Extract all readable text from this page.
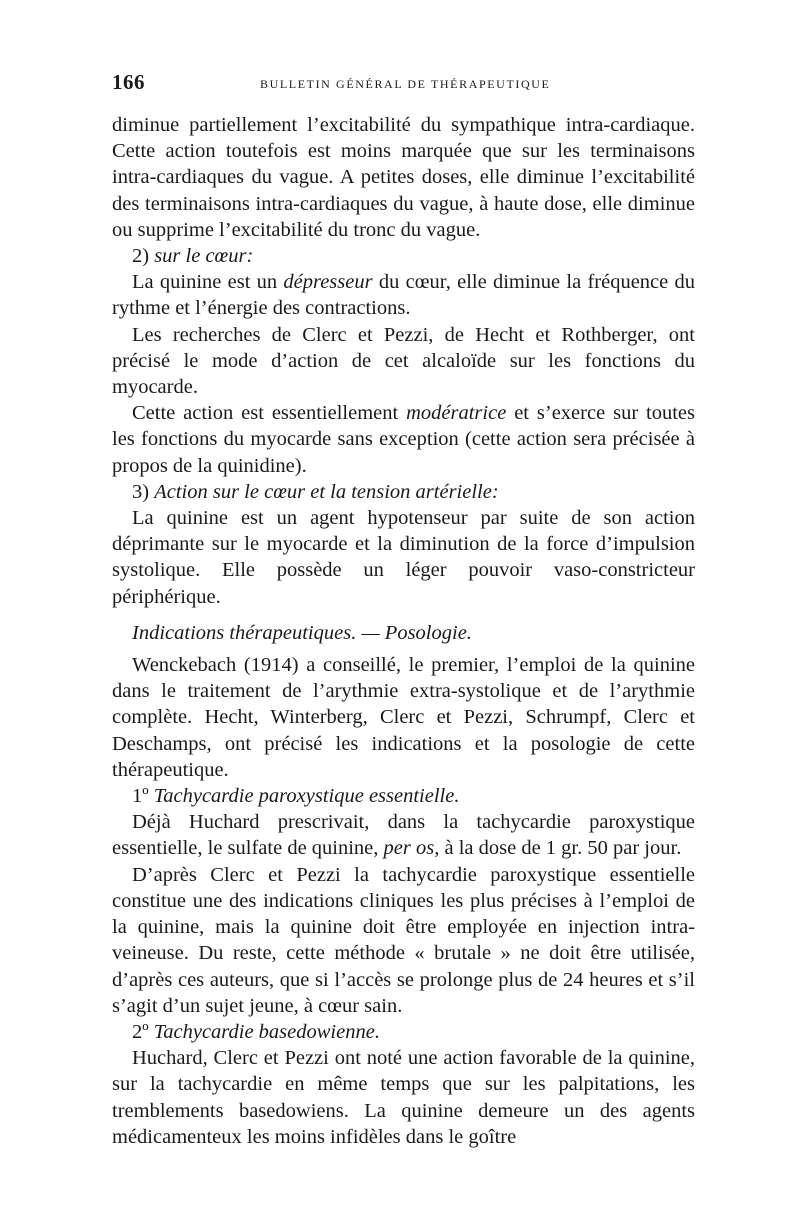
166	BULLETIN GÉNÉRAL DE THÉRAPEUTIQUE

diminue partiellement l’excitabilité du sympathique intra-cardiaque. Cette action toutefois est moins marquée que sur les terminaisons intra-cardiaques du vague. A petites doses, elle diminue l’excitabilité des terminaisons intra-cardiaques du vague, à haute dose, elle diminue ou supprime l’excitabilité du tronc du vague.

2) sur le cœur:

La quinine est un dépresseur du cœur, elle diminue la fréquence du rythme et l’énergie des contractions.

Les recherches de Clerc et Pezzi, de Hecht et Rothberger, ont précisé le mode d’action de cet alcaloïde sur les fonctions du myocarde.

Cette action est essentiellement modératrice et s’exerce sur toutes les fonctions du myocarde sans exception (cette action sera précisée à propos de la quinidine).

3) Action sur le cœur et la tension artérielle:

La quinine est un agent hypotenseur par suite de son action déprimante sur le myocarde et la diminution de la force d’impulsion systolique. Elle possède un léger pouvoir vaso-constricteur périphérique.

Indications thérapeutiques. — Posologie.

Wenckebach (1914) a conseillé, le premier, l’emploi de la quinine dans le traitement de l’arythmie extra-systolique et de l’arythmie complète. Hecht, Winterberg, Clerc et Pezzi, Schrumpf, Clerc et Deschamps, ont précisé les indications et la posologie de cette thérapeutique.

1º Tachycardie paroxystique essentielle.

Déjà Huchard prescrivait, dans la tachycardie paroxystique essentielle, le sulfate de quinine, per os, à la dose de 1 gr. 50 par jour.

D’après Clerc et Pezzi la tachycardie paroxystique essentielle constitue une des indications cliniques les plus précises à l’emploi de la quinine, mais la quinine doit être employée en injection intra-veineuse. Du reste, cette méthode « brutale » ne doit être utilisée, d’après ces auteurs, que si l’accès se prolonge plus de 24 heures et s’il s’agit d’un sujet jeune, à cœur sain.

2º Tachycardie basedowienne.

Huchard, Clerc et Pezzi ont noté une action favorable de la quinine, sur la tachycardie en même temps que sur les palpitations, les tremblements basedowiens. La quinine demeure un des agents médicamenteux les moins infidèles dans le goître
